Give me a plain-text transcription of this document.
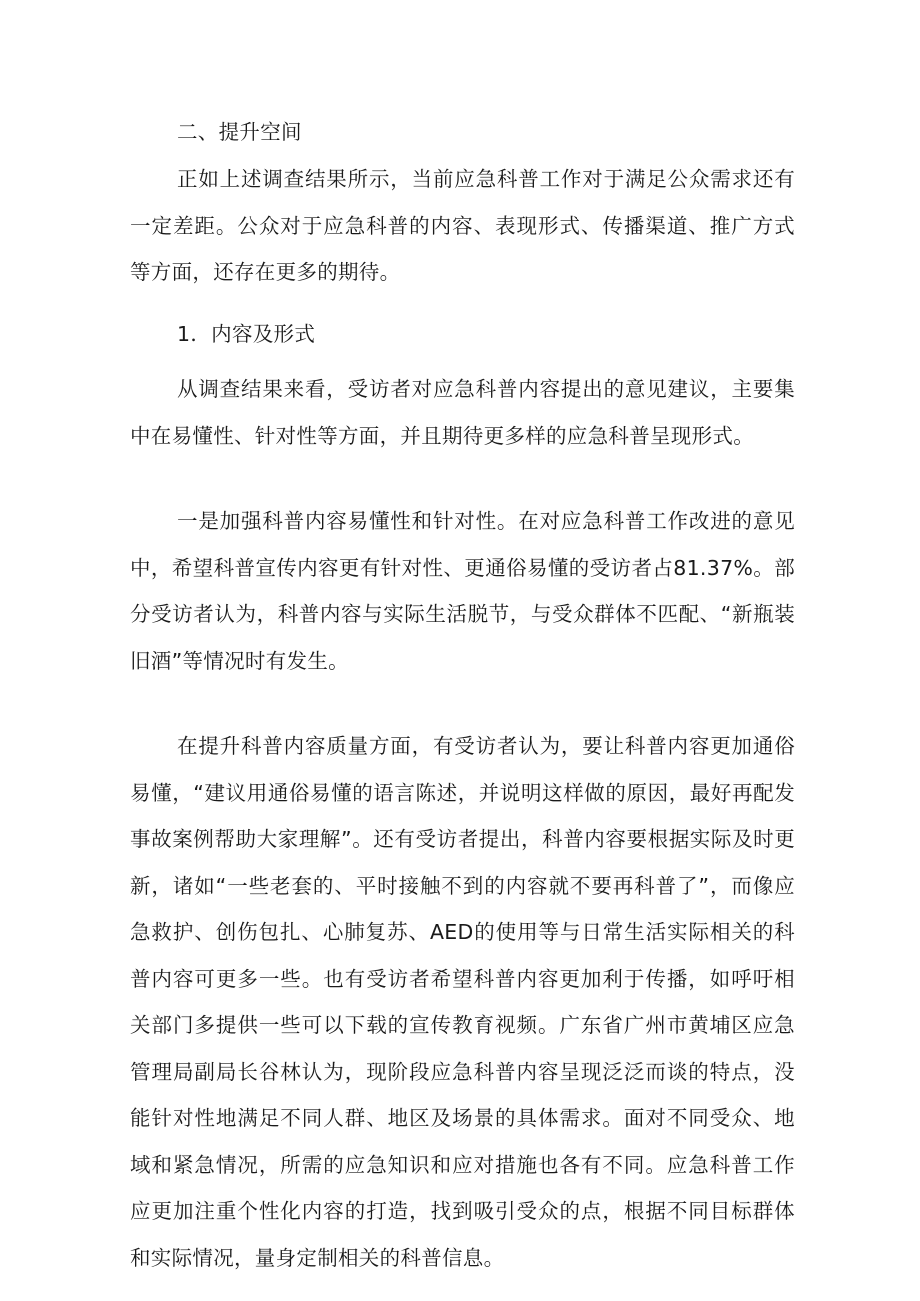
二、提升空间

正如上述调查结果所示，当前应急科普工作对于满足公众需求还有一定差距。公众对于应急科普的内容、表现形式、传播渠道、推广方式等方面，还存在更多的期待。

1．内容及形式

从调查结果来看，受访者对应急科普内容提出的意见建议，主要集中在易懂性、针对性等方面，并且期待更多样的应急科普呈现形式。

一是加强科普内容易懂性和针对性。在对应急科普工作改进的意见中，希望科普宣传内容更有针对性、更通俗易懂的受访者占81.37%。部分受访者认为，科普内容与实际生活脱节，与受众群体不匹配、“新瓶装旧酒”等情况时有发生。

在提升科普内容质量方面，有受访者认为，要让科普内容更加通俗易懂，“建议用通俗易懂的语言陈述，并说明这样做的原因，最好再配发事故案例帮助大家理解”。还有受访者提出，科普内容要根据实际及时更新，诸如“一些老套的、平时接触不到的内容就不要再科普了”，而像应急救护、创伤包扎、心肺复苏、AED的使用等与日常生活实际相关的科普内容可更多一些。也有受访者希望科普内容更加利于传播，如呼吁相关部门多提供一些可以下载的宣传教育视频。广东省广州市黄埔区应急管理局副局长谷林认为，现阶段应急科普内容呈现泛泛而谈的特点，没能针对性地满足不同人群、地区及场景的具体需求。面对不同受众、地域和紧急情况，所需的应急知识和应对措施也各有不同。应急科普工作应更加注重个性化内容的打造，找到吸引受众的点，根据不同目标群体和实际情况，量身定制相关的科普信息。
